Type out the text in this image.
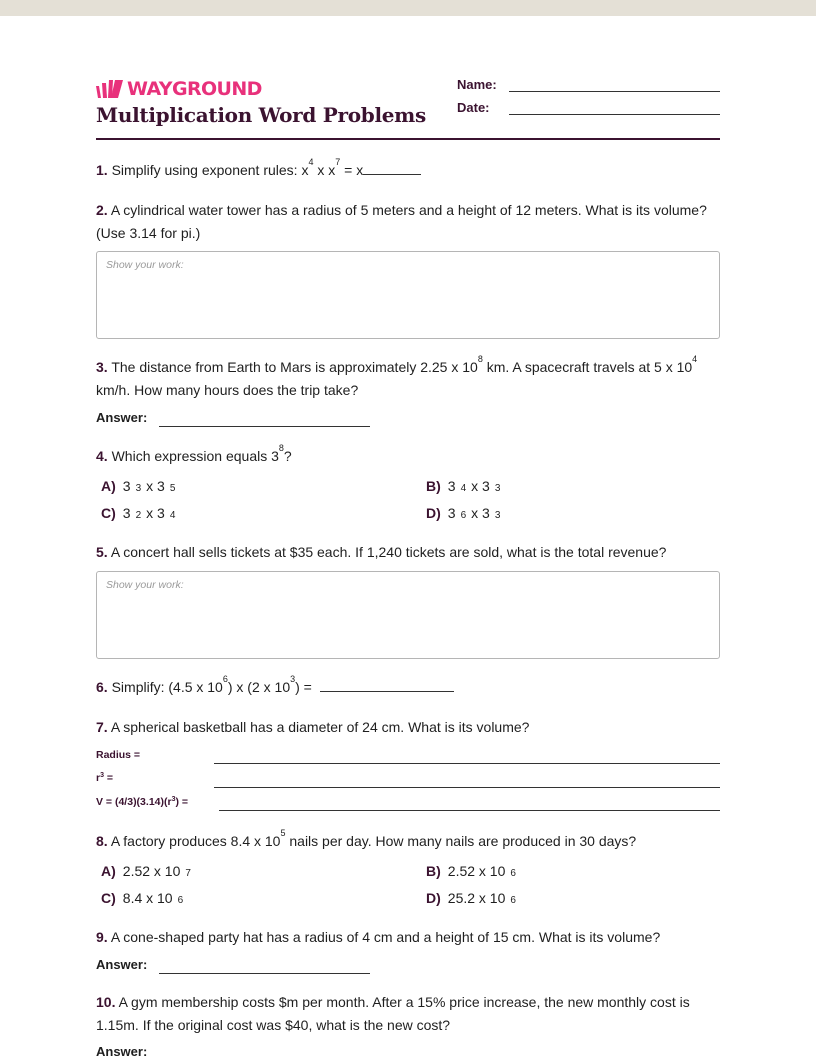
WAYGROUND
Multiplication Word Problems
Name:
Date:
1. Simplify using exponent rules: $x^4$ x $x^7 = x$
2. A cylindrical water tower has a radius of 5 meters and a height of 12 meters. What is its volume? (Use 3.14 for pi.)
Show your work:
3. The distance from Earth to Mars is approximately 2.25 x $10^8$ km. A spacecraft travels at 5 x $10^4$ km/h. How many hours does the trip take?
Answer:
4. Which expression equals $3^8$?
A) 3 3 x 3 5	B) 3 4 x 3 3
C) 3 2 x 3 4	D) 3 6 x 3 3
5. A concert hall sells tickets at $35 each. If 1,240 tickets are sold, what is the total revenue?
Show your work:
6. Simplify: (4.5 x $10^6$) x (2 x $10^3$) =
7. A spherical basketball has a diameter of 24 cm. What is its volume?
Radius =
$r^3$ =
$V = (4/3)(3.14)(r^3)$ =
8. A factory produces 8.4 x $10^5$ nails per day. How many nails are produced in 30 days?
A) 2.52 x 10 7	B) 2.52 x 10 6
C) 8.4 x 10 6	D) 25.2 x 10 6
9. A cone-shaped party hat has a radius of 4 cm and a height of 15 cm. What is its volume?
Answer:
10. A gym membership costs $m per month. After a 15% price increase, the new monthly cost is 1.15m. If the original cost was $40, what is the new cost?
Answer:
